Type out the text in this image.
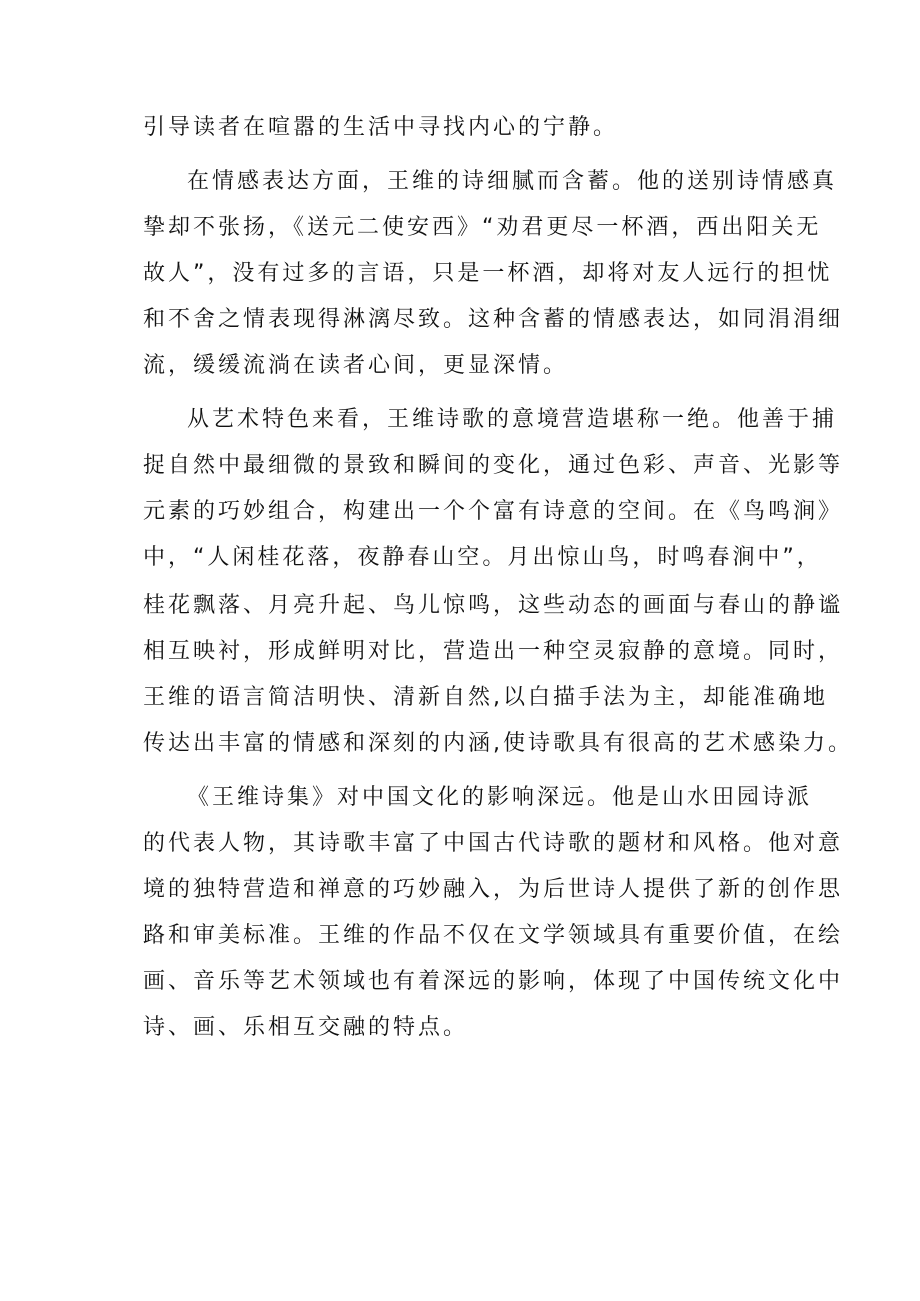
引导读者在喧嚣的生活中寻找内心的宁静。
在情感表达方面，王维的诗细腻而含蓄。他的送别诗情感真
挚却不张扬，《送元二使安西》“劝君更尽一杯酒，西出阳关无
故人”，没有过多的言语，只是一杯酒，却将对友人远行的担忧
和不舍之情表现得淋漓尽致。这种含蓄的情感表达，如同涓涓细
流，缓缓流淌在读者心间，更显深情。
从艺术特色来看，王维诗歌的意境营造堪称一绝。他善于捕
捉自然中最细微的景致和瞬间的变化，通过色彩、声音、光影等
元素的巧妙组合，构建出一个个富有诗意的空间。在《鸟鸣涧》
中，“人闲桂花落，夜静春山空。月出惊山鸟，时鸣春涧中”，
桂花飘落、月亮升起、鸟儿惊鸣，这些动态的画面与春山的静谧
相互映衬，形成鲜明对比，营造出一种空灵寂静的意境。同时，
王维的语言简洁明快、清新自然,以白描手法为主，却能准确地
传达出丰富的情感和深刻的内涵,使诗歌具有很高的艺术感染力。
《王维诗集》对中国文化的影响深远。他是山水田园诗派
的代表人物，其诗歌丰富了中国古代诗歌的题材和风格。他对意
境的独特营造和禅意的巧妙融入，为后世诗人提供了新的创作思
路和审美标准。王维的作品不仅在文学领域具有重要价值，在绘
画、音乐等艺术领域也有着深远的影响，体现了中国传统文化中
诗、画、乐相互交融的特点。
